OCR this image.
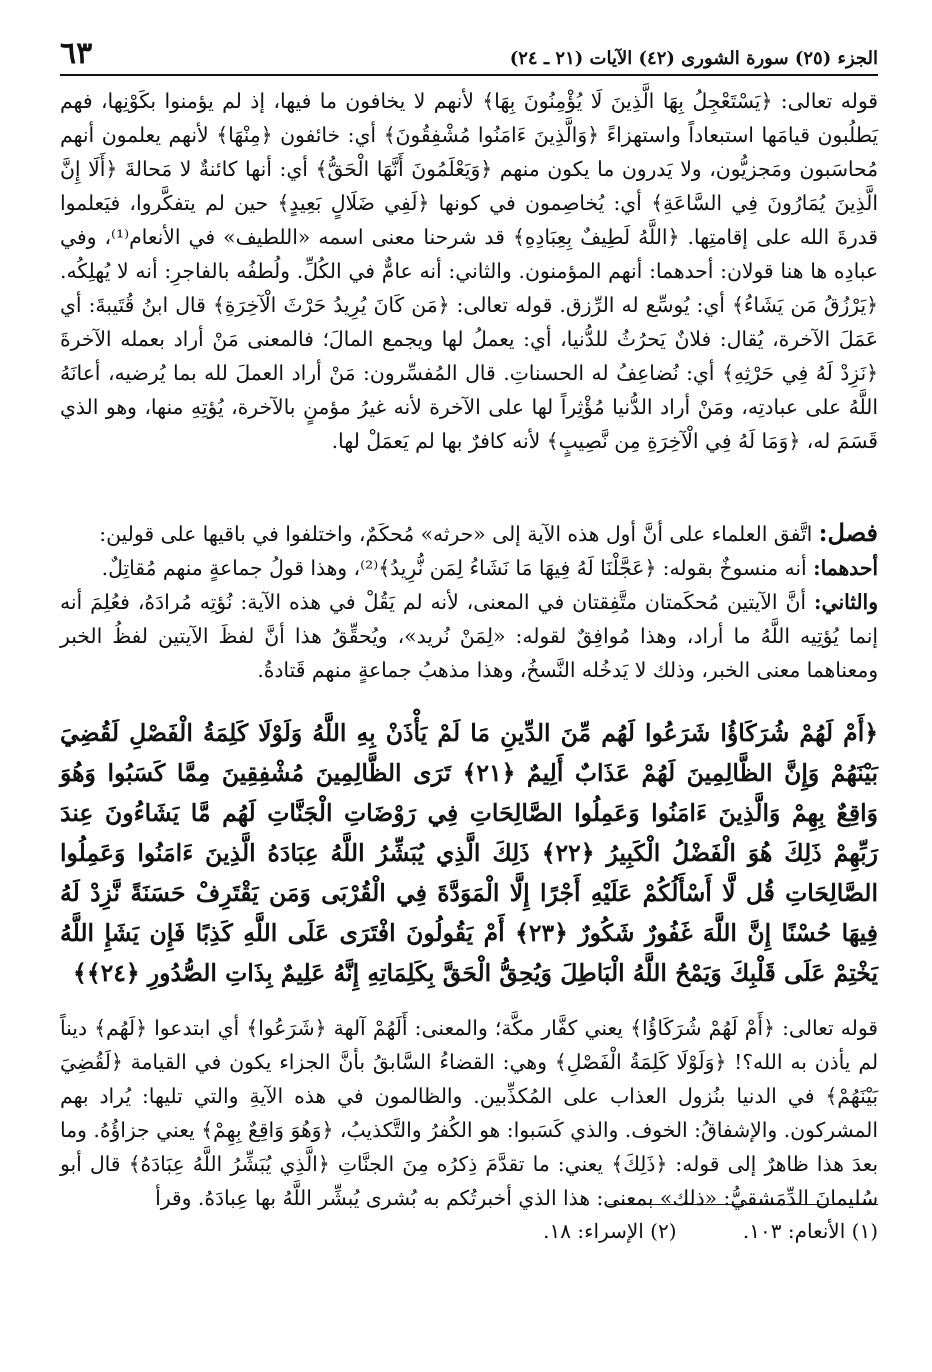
الجزء (٢٥) سورة الشورى (٤٢) الآيات (٢١ ـ ٢٤)
٦٣

قوله تعالى: ﴿يَسْتَعْجِلُ بِهَا الَّذِينَ لَا يُؤْمِنُونَ بِهَا﴾ لأنهم لا يخافون ما فيها، إذ لم يؤمنوا بكَوْنِها، فهم يَطلُبون قيامَها استبعاداً واستهزاءً ﴿وَالَّذِينَ ءَامَنُوا مُشْفِقُونَ﴾ أي: خائفون ﴿مِنْهَا﴾ لأنهم يعلمون أنهم مُحاسَبون ومَجزيُّون، ولا يَدرون ما يكون منهم ﴿وَيَعْلَمُونَ أَنَّهَا الْحَقُّ﴾ أي: أنها كائنةٌ لا مَحالةَ ﴿أَلَا إِنَّ الَّذِينَ يُمَارُونَ فِي السَّاعَةِ﴾ أي: يُخاصِمون في كونها ﴿لَفِي ضَلَالٍ بَعِيدٍ﴾ حين لم يتفكَّروا، فيَعلموا قدرةَ الله على إقامتِها. ﴿اللَّهُ لَطِيفٌ بِعِبَادِهِ﴾ قد شرحنا معنى اسمه «اللطيف» في الأنعام⁽¹⁾، وفي عبادِه ها هنا قولان: أحدهما: أنهم المؤمنون. والثاني: أنه عامٌّ في الكُلِّ. ولُطفُه بالفاجرِ: أنه لا يُهلِكُه. ﴿يَرْزُقُ مَن يَشَاءُ﴾ أي: يُوسِّع له الرِّزق. قوله تعالى: ﴿مَن كَانَ يُرِيدُ حَرْثَ الْآخِرَةِ﴾ قال ابنُ قُتَيبةَ: أي عَمَلَ الآخرة، يُقال: فلانٌ يَحرُثُ للدُّنيا، أي: يعملُ لها ويجمع المالَ؛ فالمعنى مَنْ أراد بعمله الآخرةَ ﴿نَزِدْ لَهُ فِي حَرْثِهِ﴾ أي: نُضاعِفُ له الحسناتِ. قال المُفسِّرون: مَنْ أراد العملَ لله بما يُرضيه، أعانَهُ اللَّهُ على عبادتِه، ومَنْ أراد الدُّنيا مُؤْثِراً لها على الآخرة لأنه غيرُ مؤمنٍ بالآخرة، يُؤتِهِ منها، وهو الذي قَسَمَ له، ﴿وَمَا لَهُ فِي الْآخِرَةِ مِن نَّصِيبٍ﴾ لأنه كافرٌ بها لم يَعمَلْ لها.

فصل: اتَّفق العلماء على أنَّ أول هذه الآية إلى «حرثه» مُحكَمٌ، واختلفوا في باقيها على قولين:

أحدهما: أنه منسوخٌ بقوله: ﴿عَجَّلْنَا لَهُ فِيهَا مَا نَشَاءُ لِمَن نُّرِيدُ﴾⁽²⁾، وهذا قولُ جماعةٍ منهم مُقاتِلٌ.

والثاني: أنَّ الآيتين مُحكَمتان متَّفِقتان في المعنى، لأنه لم يَقُلْ في هذه الآية: نُؤتِه مُرادَهُ، فعُلِمَ أنه إنما يُؤتِيه اللَّهُ ما أراد، وهذا مُوافِقٌ لقوله: «لِمَنْ نُريد»، ويُحقِّقُ هذا أنَّ لفظَ الآيتين لفظُ الخبر ومعناهما معنى الخبر، وذلك لا يَدخُله النَّسخُ، وهذا مذهبُ جماعةٍ منهم قَتادةُ.

﴿أَمْ لَهُمْ شُرَكَاؤُا شَرَعُوا لَهُم مِّنَ الدِّينِ مَا لَمْ يَأْذَنْ بِهِ اللَّهُ وَلَوْلَا كَلِمَةُ الْفَصْلِ لَقُضِيَ بَيْنَهُمْ وَإِنَّ الظَّالِمِينَ لَهُمْ عَذَابٌ أَلِيمٌ ﴿٢١﴾ تَرَى الظَّالِمِينَ مُشْفِقِينَ مِمَّا كَسَبُوا وَهُوَ وَاقِعٌ بِهِمْ وَالَّذِينَ ءَامَنُوا وَعَمِلُوا الصَّالِحَاتِ فِي رَوْضَاتِ الْجَنَّاتِ لَهُم مَّا يَشَاءُونَ عِندَ رَبِّهِمْ ذَلِكَ هُوَ الْفَضْلُ الْكَبِيرُ ﴿٢٢﴾ ذَلِكَ الَّذِي يُبَشِّرُ اللَّهُ عِبَادَهُ الَّذِينَ ءَامَنُوا وَعَمِلُوا الصَّالِحَاتِ قُل لَّا أَسْأَلُكُمْ عَلَيْهِ أَجْرًا إِلَّا الْمَوَدَّةَ فِي الْقُرْبَى وَمَن يَقْتَرِفْ حَسَنَةً نَّزِدْ لَهُ فِيهَا حُسْنًا إِنَّ اللَّهَ غَفُورٌ شَكُورٌ ﴿٢٣﴾ أَمْ يَقُولُونَ افْتَرَى عَلَى اللَّهِ كَذِبًا فَإِن يَشَإِ اللَّهُ يَخْتِمْ عَلَى قَلْبِكَ وَيَمْحُ اللَّهُ الْبَاطِلَ وَيُحِقُّ الْحَقَّ بِكَلِمَاتِهِ إِنَّهُ عَلِيمٌ بِذَاتِ الصُّدُورِ ﴿٢٤﴾﴾

قوله تعالى: ﴿أَمْ لَهُمْ شُرَكَاؤُا﴾ يعني كفَّار مكَّة؛ والمعنى: أَلَهُمْ آلهة ﴿شَرَعُوا﴾ أي ابتدعوا ﴿لَهُم﴾ ديناً لم يأذن به الله؟! ﴿وَلَوْلَا كَلِمَةُ الْفَصْلِ﴾ وهي: القضاءُ السَّابقُ بأنَّ الجزاء يكون في القيامة ﴿لَقُضِيَ بَيْنَهُمْ﴾ في الدنيا بنُزول العذاب على المُكذِّبين. والظالمون في هذه الآيةِ والتي تليها: يُراد بهم المشركون. والإشفاقُ: الخوف. والذي كَسَبوا: هو الكُفرُ والتَّكذيبُ، ﴿وَهُوَ وَاقِعٌ بِهِمْ﴾ يعني جزاؤُهُ. وما بعدَ هذا ظاهرٌ إلى قوله: ﴿ذَلِكَ﴾ يعني: ما تقدَّمَ ذِكرُه مِنَ الجنَّاتِ ﴿الَّذِي يُبَشِّرُ اللَّهُ عِبَادَهُ﴾ قال أبو سُليمانَ الدِّمَشقيُّ: «ذلك» بمعنى: هذا الذي أخبرتُكم به بُشرى يُبشِّر اللَّهُ بها عِبادَهُ. وقرأ

(١) الأنعام: ١٠٣. (٢) الإسراء: ١٨.
